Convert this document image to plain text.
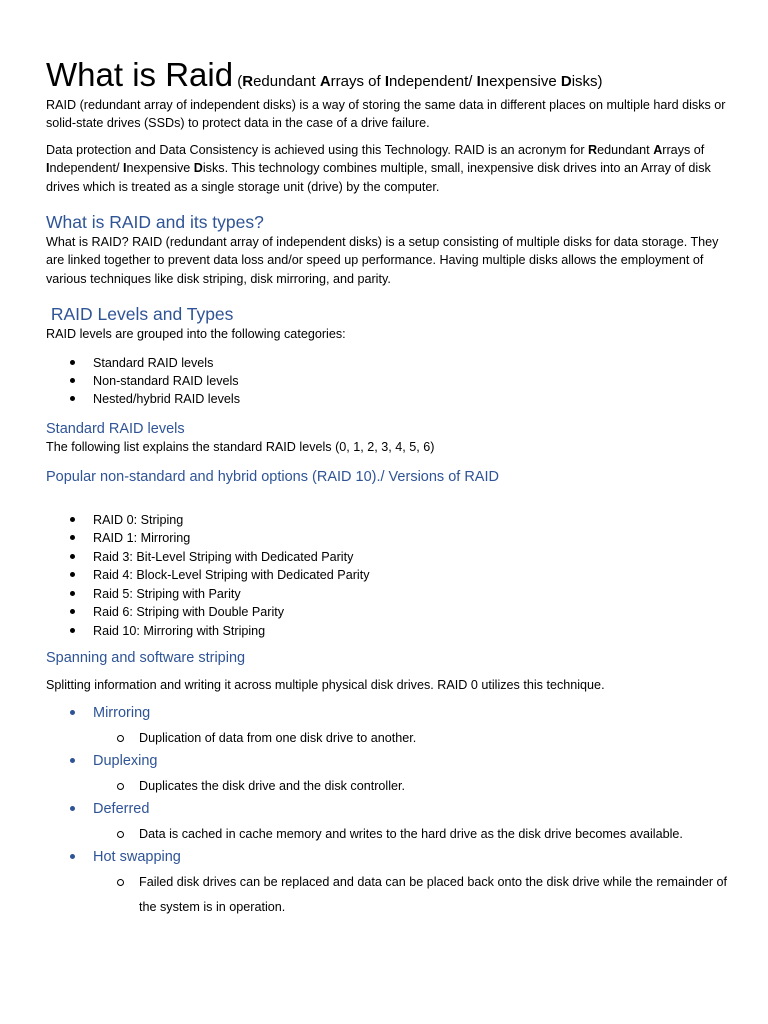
What is Raid (Redundant Arrays of Independent/ Inexpensive Disks)

RAID (redundant array of independent disks) is a way of storing the same data in different places on multiple hard disks or solid-state drives (SSDs) to protect data in the case of a drive failure.

Data protection and Data Consistency is achieved using this Technology. RAID is an acronym for Redundant Arrays of Independent/ Inexpensive Disks. This technology combines multiple, small, inexpensive disk drives into an Array of disk drives which is treated as a single storage unit (drive) by the computer.

What is RAID and its types?

What is RAID? RAID (redundant array of independent disks) is a setup consisting of multiple disks for data storage. They are linked together to prevent data loss and/or speed up performance. Having multiple disks allows the employment of various techniques like disk striping, disk mirroring, and parity.

RAID Levels and Types

RAID levels are grouped into the following categories:

Standard RAID levels
Non-standard RAID levels
Nested/hybrid RAID levels
Standard RAID levels

The following list explains the standard RAID levels (0, 1, 2, 3, 4, 5, 6)

Popular non-standard and hybrid options (RAID 10)./ Versions of RAID
RAID 0: Striping
RAID 1: Mirroring
Raid 3: Bit-Level Striping with Dedicated Parity
Raid 4: Block-Level Striping with Dedicated Parity
Raid 5: Striping with Parity
Raid 6: Striping with Double Parity
Raid 10: Mirroring with Striping
Spanning and software striping

Splitting information and writing it across multiple physical disk drives. RAID 0 utilizes this technique.

Mirroring
Duplication of data from one disk drive to another.
Duplexing
Duplicates the disk drive and the disk controller.
Deferred
Data is cached in cache memory and writes to the hard drive as the disk drive becomes available.
Hot swapping
Failed disk drives can be replaced and data can be placed back onto the disk drive while the remainder of the system is in operation.
